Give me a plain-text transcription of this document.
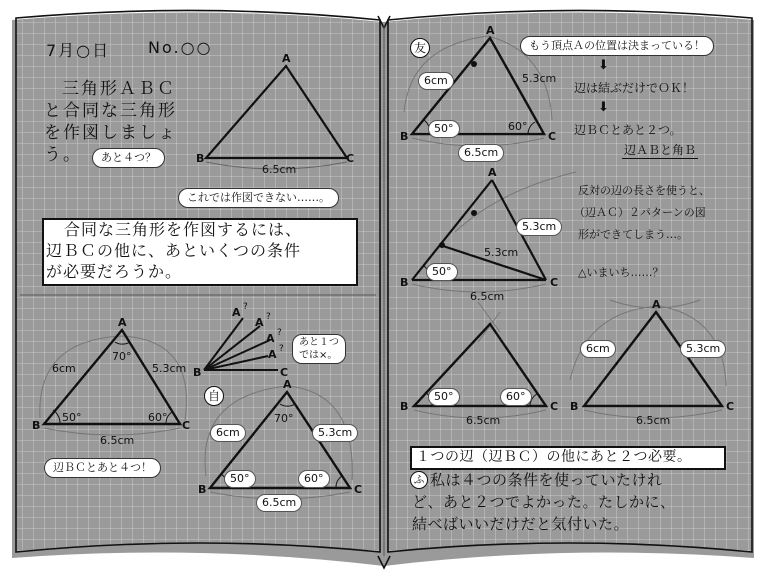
7月○日 No.○○
三角形ＡＢＣ
と合同な三角形
を作図しましょ
う。	あと４つ？	B	C
A
6.5cm
これでは作図できない……。
合同な三角形を作図するには、
辺ＢＣの他に、あといくつの条件
が必要だろうか。
A
B	C
6cm	5.3cm
70°
50°	60°
6.5cm
A ?
A ?
A ?
A ?
B	C
あと１つ
では×。
自
A
B	C
6cm	5.3cm
70°
50°	60°
6.5cm
辺ＢＣとあと４つ！
友
A
B	C
6cm	5.3cm
50°	60°
6.5cm
もう頂点Ａの位置は決まっている！
⬇
辺は結ぶだけでＯＫ！
⬇
辺ＢＣとあと２つ。
辺ＡＢと角Ｂ
A
B	C
5.3cm
5.3cm
50°
6.5cm
反対の辺の長さを使うと、
（辺ＡＣ）２パターンの図
形ができてしまう…。
△いまいち……？
B	C
50°	60°
6.5cm
A
B	C
6cm	5.3cm
6.5cm
１つの辺（辺ＢＣ）の他にあと２つ必要。
ふ 私は４つの条件を使っていたけれ
ど、あと２つでよかった。たしかに、
結べばいいだけだと気付いた。
